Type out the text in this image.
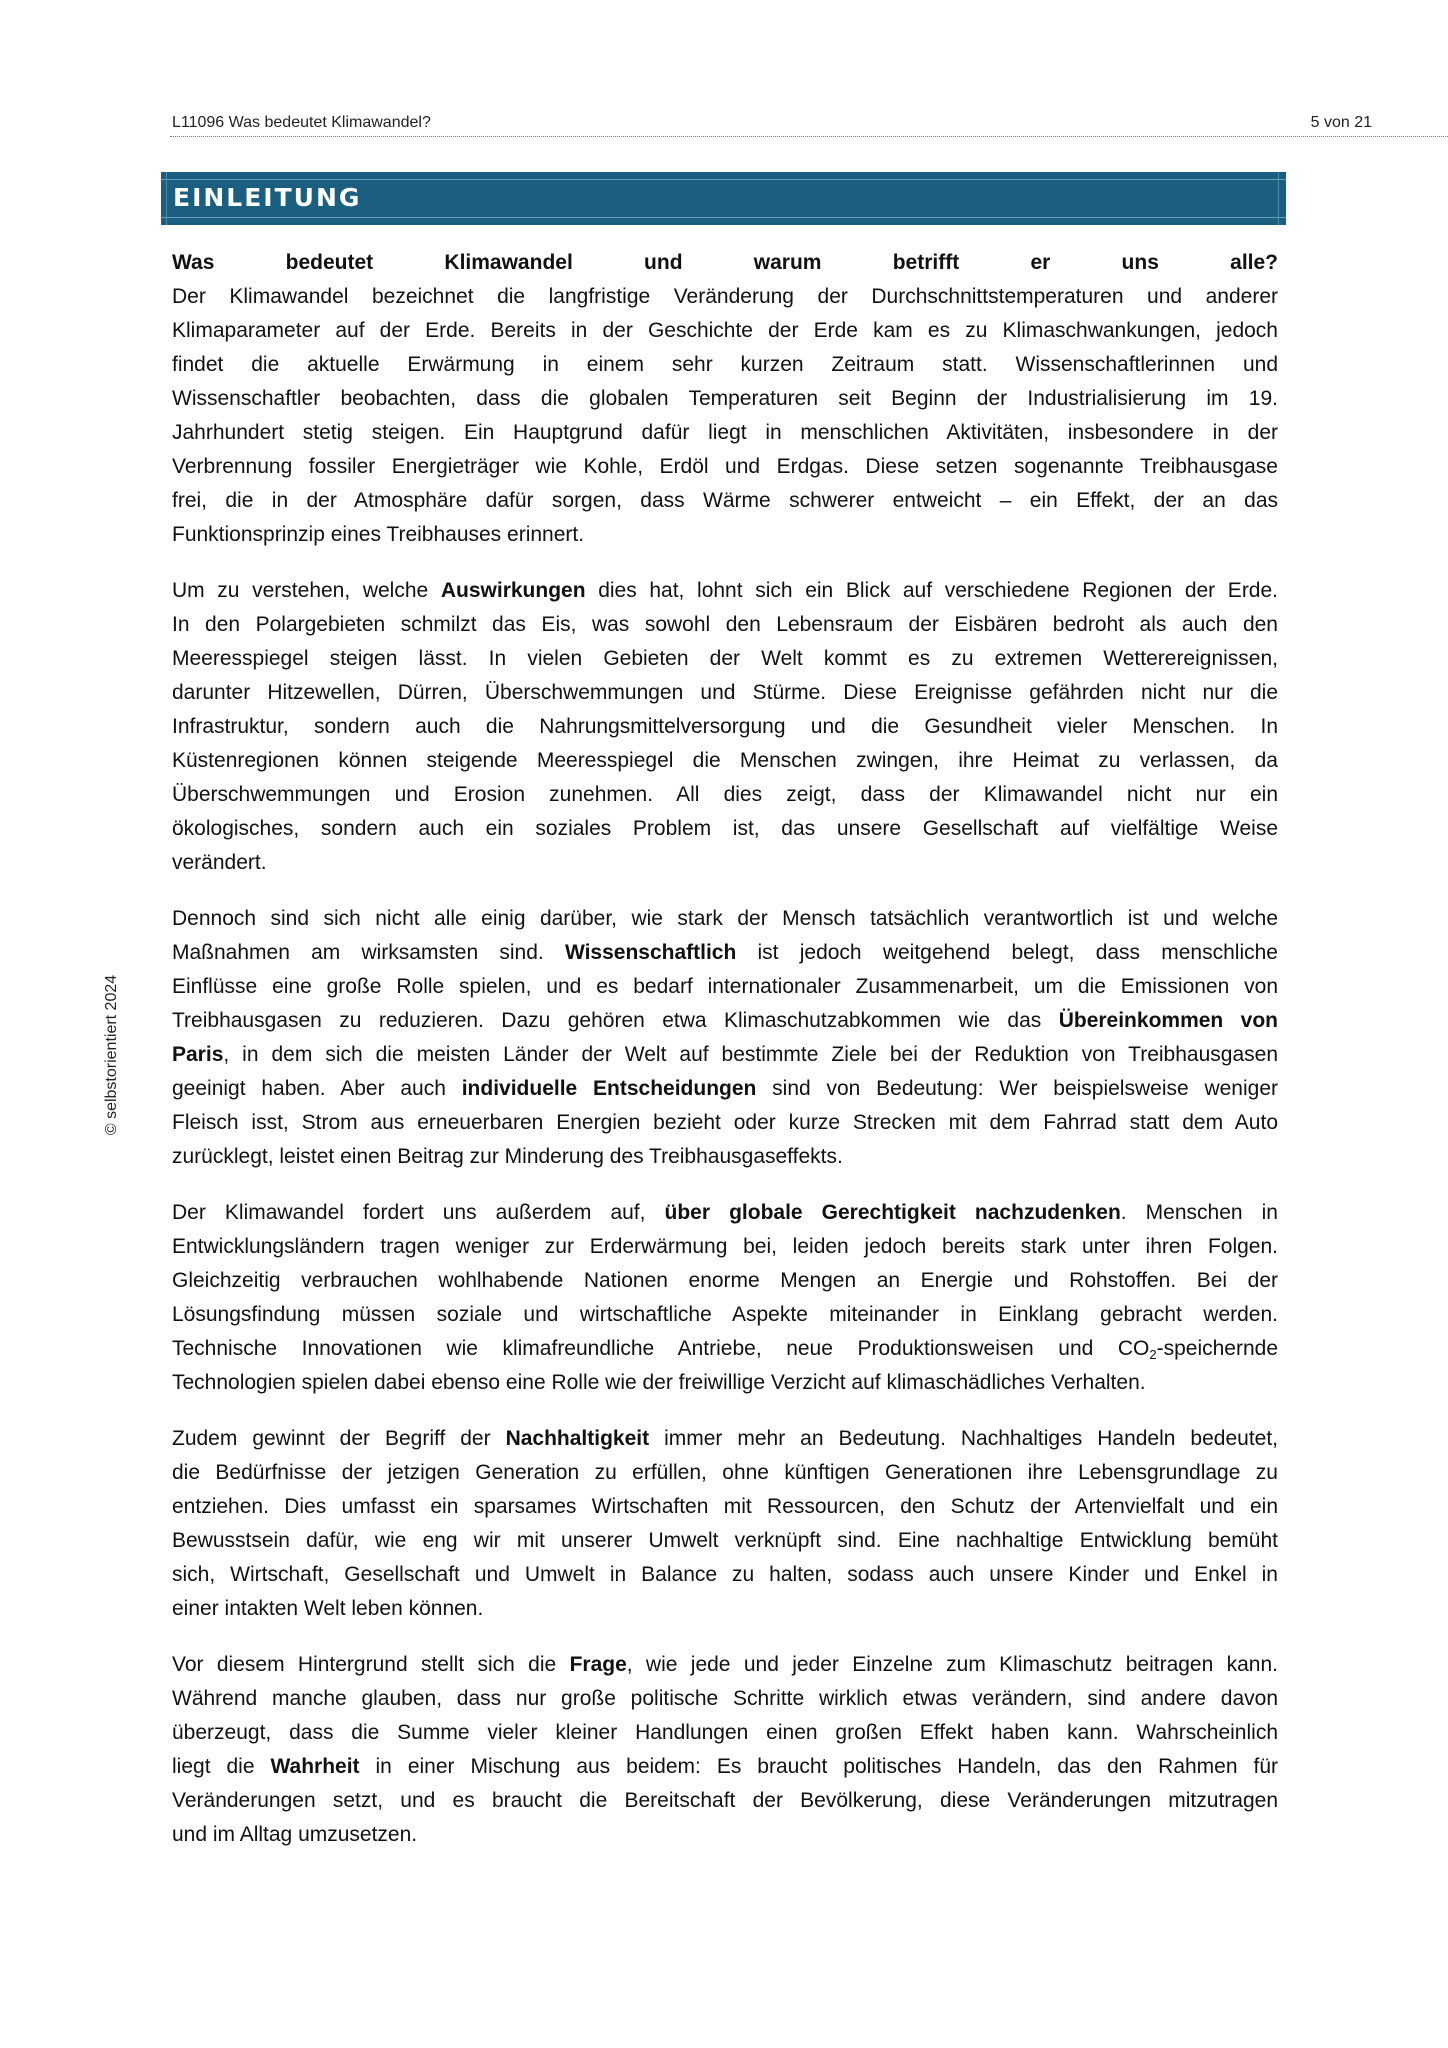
L11096 Was bedeutet Klimawandel?	5 von 21
EINLEITUNG
© selbstorientiert 2024
Was bedeutet Klimawandel und warum betrifft er uns alle?
Der Klimawandel bezeichnet die langfristige Veränderung der Durchschnittstemperaturen und anderer
Klimaparameter auf der Erde. Bereits in der Geschichte der Erde kam es zu Klimaschwankungen, jedoch
findet die aktuelle Erwärmung in einem sehr kurzen Zeitraum statt. Wissenschaftlerinnen und
Wissenschaftler beobachten, dass die globalen Temperaturen seit Beginn der Industrialisierung im 19.
Jahrhundert stetig steigen. Ein Hauptgrund dafür liegt in menschlichen Aktivitäten, insbesondere in der
Verbrennung fossiler Energieträger wie Kohle, Erdöl und Erdgas. Diese setzen sogenannte Treibhausgase
frei, die in der Atmosphäre dafür sorgen, dass Wärme schwerer entweicht – ein Effekt, der an das
Funktionsprinzip eines Treibhauses erinnert.
Um zu verstehen, welche Auswirkungen dies hat, lohnt sich ein Blick auf verschiedene Regionen der Erde.
In den Polargebieten schmilzt das Eis, was sowohl den Lebensraum der Eisbären bedroht als auch den
Meeresspiegel steigen lässt. In vielen Gebieten der Welt kommt es zu extremen Wetterereignissen,
darunter Hitzewellen, Dürren, Überschwemmungen und Stürme. Diese Ereignisse gefährden nicht nur die
Infrastruktur, sondern auch die Nahrungsmittelversorgung und die Gesundheit vieler Menschen. In
Küstenregionen können steigende Meeresspiegel die Menschen zwingen, ihre Heimat zu verlassen, da
Überschwemmungen und Erosion zunehmen. All dies zeigt, dass der Klimawandel nicht nur ein
ökologisches, sondern auch ein soziales Problem ist, das unsere Gesellschaft auf vielfältige Weise
verändert.
Dennoch sind sich nicht alle einig darüber, wie stark der Mensch tatsächlich verantwortlich ist und welche
Maßnahmen am wirksamsten sind. Wissenschaftlich ist jedoch weitgehend belegt, dass menschliche
Einflüsse eine große Rolle spielen, und es bedarf internationaler Zusammenarbeit, um die Emissionen von
Treibhausgasen zu reduzieren. Dazu gehören etwa Klimaschutzabkommen wie das Übereinkommen von
Paris, in dem sich die meisten Länder der Welt auf bestimmte Ziele bei der Reduktion von Treibhausgasen
geeinigt haben. Aber auch individuelle Entscheidungen sind von Bedeutung: Wer beispielsweise weniger
Fleisch isst, Strom aus erneuerbaren Energien bezieht oder kurze Strecken mit dem Fahrrad statt dem Auto
zurücklegt, leistet einen Beitrag zur Minderung des Treibhausgaseffekts.
Der Klimawandel fordert uns außerdem auf, über globale Gerechtigkeit nachzudenken. Menschen in
Entwicklungsländern tragen weniger zur Erderwärmung bei, leiden jedoch bereits stark unter ihren Folgen.
Gleichzeitig verbrauchen wohlhabende Nationen enorme Mengen an Energie und Rohstoffen. Bei der
Lösungsfindung müssen soziale und wirtschaftliche Aspekte miteinander in Einklang gebracht werden.
Technische Innovationen wie klimafreundliche Antriebe, neue Produktionsweisen und $CO_2$-speichernde
Technologien spielen dabei ebenso eine Rolle wie der freiwillige Verzicht auf klimaschädliches Verhalten.
Zudem gewinnt der Begriff der Nachhaltigkeit immer mehr an Bedeutung. Nachhaltiges Handeln bedeutet,
die Bedürfnisse der jetzigen Generation zu erfüllen, ohne künftigen Generationen ihre Lebensgrundlage zu
entziehen. Dies umfasst ein sparsames Wirtschaften mit Ressourcen, den Schutz der Artenvielfalt und ein
Bewusstsein dafür, wie eng wir mit unserer Umwelt verknüpft sind. Eine nachhaltige Entwicklung bemüht
sich, Wirtschaft, Gesellschaft und Umwelt in Balance zu halten, sodass auch unsere Kinder und Enkel in
einer intakten Welt leben können.
Vor diesem Hintergrund stellt sich die Frage, wie jede und jeder Einzelne zum Klimaschutz beitragen kann.
Während manche glauben, dass nur große politische Schritte wirklich etwas verändern, sind andere davon
überzeugt, dass die Summe vieler kleiner Handlungen einen großen Effekt haben kann. Wahrscheinlich
liegt die Wahrheit in einer Mischung aus beidem: Es braucht politisches Handeln, das den Rahmen für
Veränderungen setzt, und es braucht die Bereitschaft der Bevölkerung, diese Veränderungen mitzutragen
und im Alltag umzusetzen.
